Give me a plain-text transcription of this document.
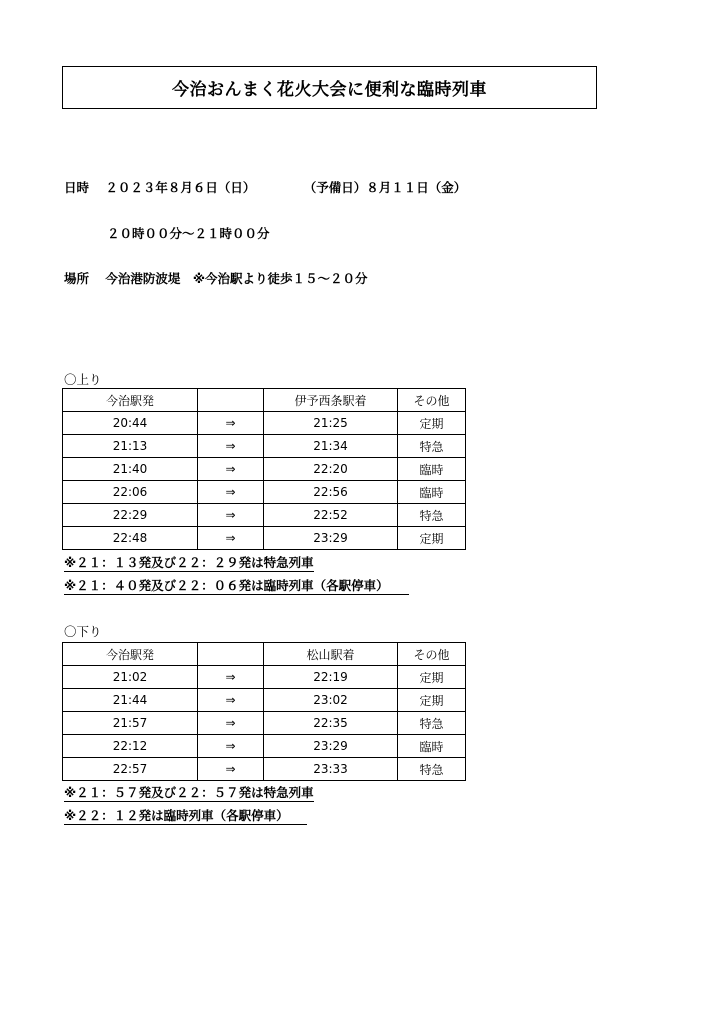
今治おんまく花火大会に便利な臨時列車
日時 ２０２３年８月６日（日）	（予備日）８月１１日（金）
２０時００分～２１時００分
場所 今治港防波堤　※今治駅より徒歩１５～２０分
〇上り
今治駅発		伊予西条駅着	その他
20:44	⇒	21:25	定期
21:13	⇒	21:34	特急
21:40	⇒	22:20	臨時
22:06	⇒	22:56	臨時
22:29	⇒	22:52	特急
22:48	⇒	23:29	定期
※２１：１３発及び２２：２９発は特急列車
※２１：４０発及び２２：０６発は臨時列車（各駅停車）
〇下り
今治駅発		松山駅着	その他
21:02	⇒	22:19	定期
21:44	⇒	23:02	定期
21:57	⇒	22:35	特急
22:12	⇒	23:29	臨時
22:57	⇒	23:33	特急
※２１：５７発及び２２：５７発は特急列車
※２２：１２発は臨時列車（各駅停車）
